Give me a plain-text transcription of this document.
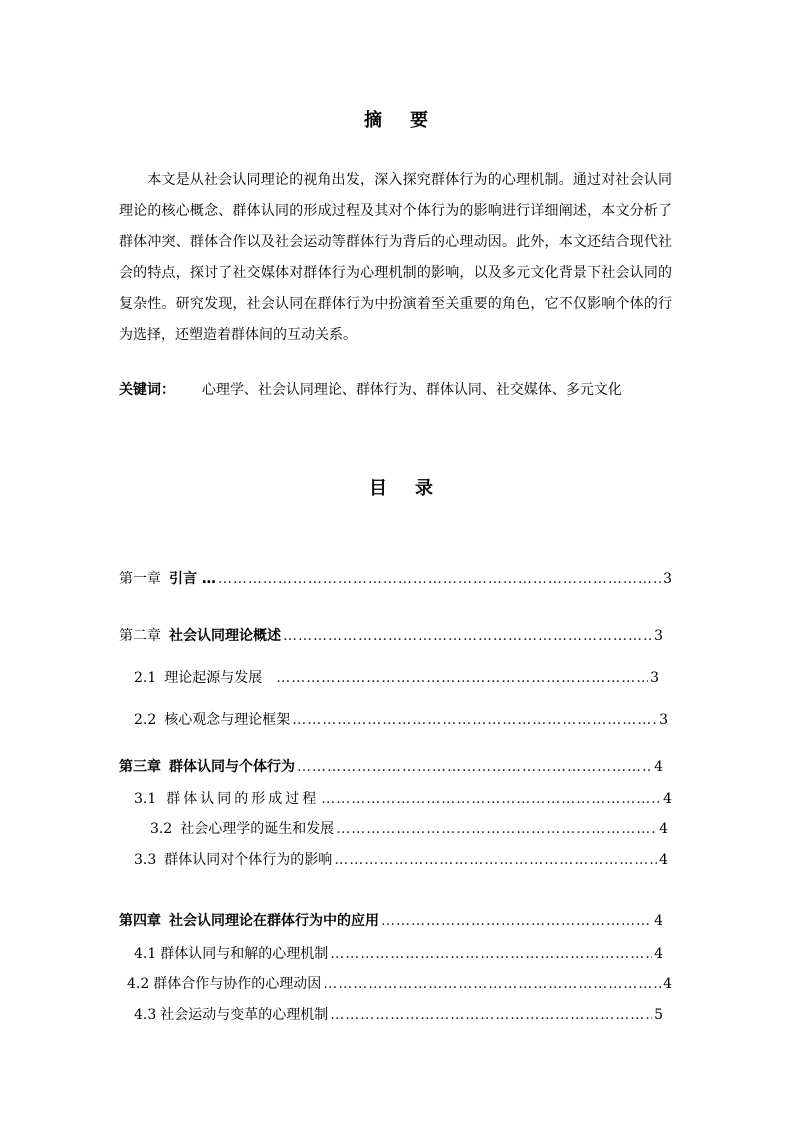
摘要
本文是从社会认同理论的视角出发，深入探究群体行为的心理机制。通过对社会认同理论的核心概念、群体认同的形成过程及其对个体行为的影响进行详细阐述，本文分析了群体冲突、群体合作以及社会运动等群体行为背后的心理动因。此外，本文还结合现代社会的特点，探讨了社交媒体对群体行为心理机制的影响，以及多元文化背景下社会认同的复杂性。研究发现，社会认同在群体行为中扮演着至关重要的角色，它不仅影响个体的行为选择，还塑造着群体间的互动关系。
关键词： 心理学、社会认同理论、群体行为、群体认同、社交媒体、多元文化
目录
第一章 引言 … ……………………………………………………………………………………………………………………………………………………	3
第二章 社会认同理论概述 ……………………………………………………………………………………………………………………………………………………	3
2.1 理论起源与发展 ……………………………………………………………………………………………………………………………………………………	3
2.2 核心观念与理论框架 ……………………………………………………………………………………………………………………………………………………	3
第三章 群体认同与个体行为 ……………………………………………………………………………………………………………………………………………………	4
3.1 群体认同的形成过程 ……………………………………………………………………………………………………………………………………………………	4
3.2 社会心理学的诞生和发展 ……………………………………………………………………………………………………………………………………………………	4
3.3 群体认同对个体行为的影响 ……………………………………………………………………………………………………………………………………………………	4
第四章 社会认同理论在群体行为中的应用 ……………………………………………………………………………………………………………………………………………………	4
4.1 群体认同与和解的心理机制 ……………………………………………………………………………………………………………………………………………………	4
4.2 群体合作与协作的心理动因 ……………………………………………………………………………………………………………………………………………………	4
4.3 社会运动与变革的心理机制 ……………………………………………………………………………………………………………………………………………………	5
